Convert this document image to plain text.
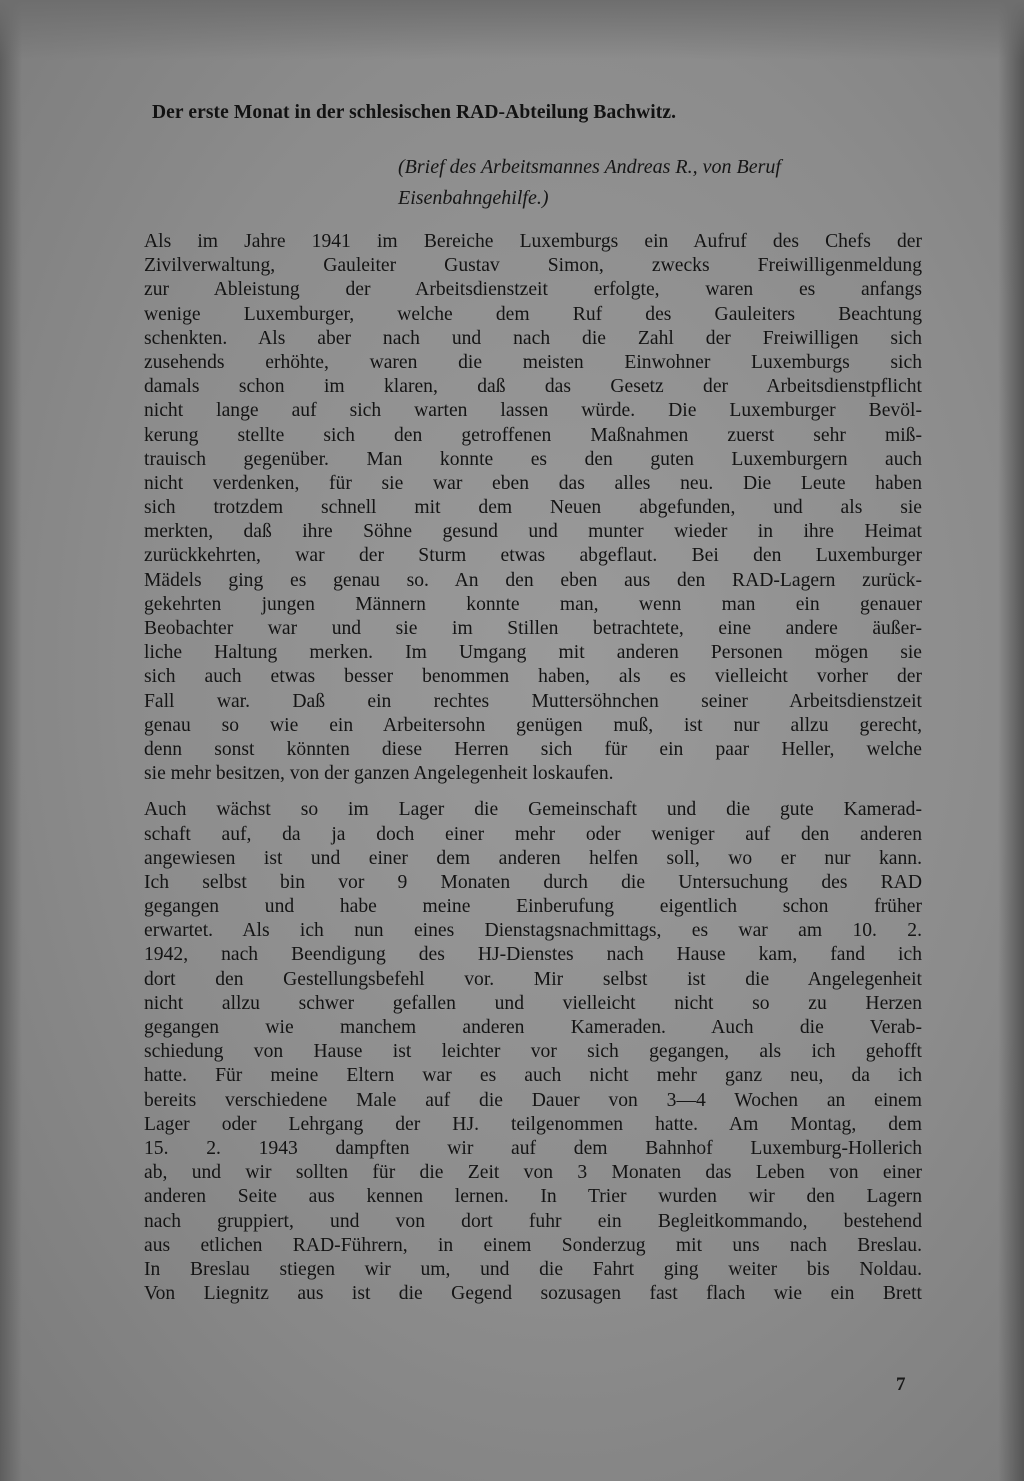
Der erste Monat in der schlesischen RAD-Abteilung Bachwitz.
(Brief des Arbeitsmannes Andreas R., von Beruf
Eisenbahngehilfe.)
Als im Jahre 1941 im Bereiche Luxemburgs ein Aufruf des Chefs der
Zivilverwaltung, Gauleiter Gustav Simon, zwecks Freiwilligenmeldung
zur Ableistung der Arbeitsdienstzeit erfolgte, waren es anfangs
wenige Luxemburger, welche dem Ruf des Gauleiters Beachtung
schenkten. Als aber nach und nach die Zahl der Freiwilligen sich
zusehends erhöhte, waren die meisten Einwohner Luxemburgs sich
damals schon im klaren, daß das Gesetz der Arbeitsdienstpflicht
nicht lange auf sich warten lassen würde. Die Luxemburger Bevöl-
kerung stellte sich den getroffenen Maßnahmen zuerst sehr miß-
trauisch gegenüber. Man konnte es den guten Luxemburgern auch
nicht verdenken, für sie war eben das alles neu. Die Leute haben
sich trotzdem schnell mit dem Neuen abgefunden, und als sie
merkten, daß ihre Söhne gesund und munter wieder in ihre Heimat
zurückkehrten, war der Sturm etwas abgeflaut. Bei den Luxemburger
Mädels ging es genau so. An den eben aus den RAD-Lagern zurück-
gekehrten jungen Männern konnte man, wenn man ein genauer
Beobachter war und sie im Stillen betrachtete, eine andere äußer-
liche Haltung merken. Im Umgang mit anderen Personen mögen sie
sich auch etwas besser benommen haben, als es vielleicht vorher der
Fall war. Daß ein rechtes Muttersöhnchen seiner Arbeitsdienstzeit
genau so wie ein Arbeitersohn genügen muß, ist nur allzu gerecht,
denn sonst könnten diese Herren sich für ein paar Heller, welche
sie mehr besitzen, von der ganzen Angelegenheit loskaufen.
Auch wächst so im Lager die Gemeinschaft und die gute Kamerad-
schaft auf, da ja doch einer mehr oder weniger auf den anderen
angewiesen ist und einer dem anderen helfen soll, wo er nur kann.
Ich selbst bin vor 9 Monaten durch die Untersuchung des RAD
gegangen und habe meine Einberufung eigentlich schon früher
erwartet. Als ich nun eines Dienstagsnachmittags, es war am 10. 2.
1942, nach Beendigung des HJ-Dienstes nach Hause kam, fand ich
dort den Gestellungsbefehl vor. Mir selbst ist die Angelegenheit
nicht allzu schwer gefallen und vielleicht nicht so zu Herzen
gegangen wie manchem anderen Kameraden. Auch die Verab-
schiedung von Hause ist leichter vor sich gegangen, als ich gehofft
hatte. Für meine Eltern war es auch nicht mehr ganz neu, da ich
bereits verschiedene Male auf die Dauer von 3—4 Wochen an einem
Lager oder Lehrgang der HJ. teilgenommen hatte. Am Montag, dem
15. 2. 1943 dampften wir auf dem Bahnhof Luxemburg-Hollerich
ab, und wir sollten für die Zeit von 3 Monaten das Leben von einer
anderen Seite aus kennen lernen. In Trier wurden wir den Lagern
nach gruppiert, und von dort fuhr ein Begleitkommando, bestehend
aus etlichen RAD-Führern, in einem Sonderzug mit uns nach Breslau.
In Breslau stiegen wir um, und die Fahrt ging weiter bis Noldau.
Von Liegnitz aus ist die Gegend sozusagen fast flach wie ein Brett
7
